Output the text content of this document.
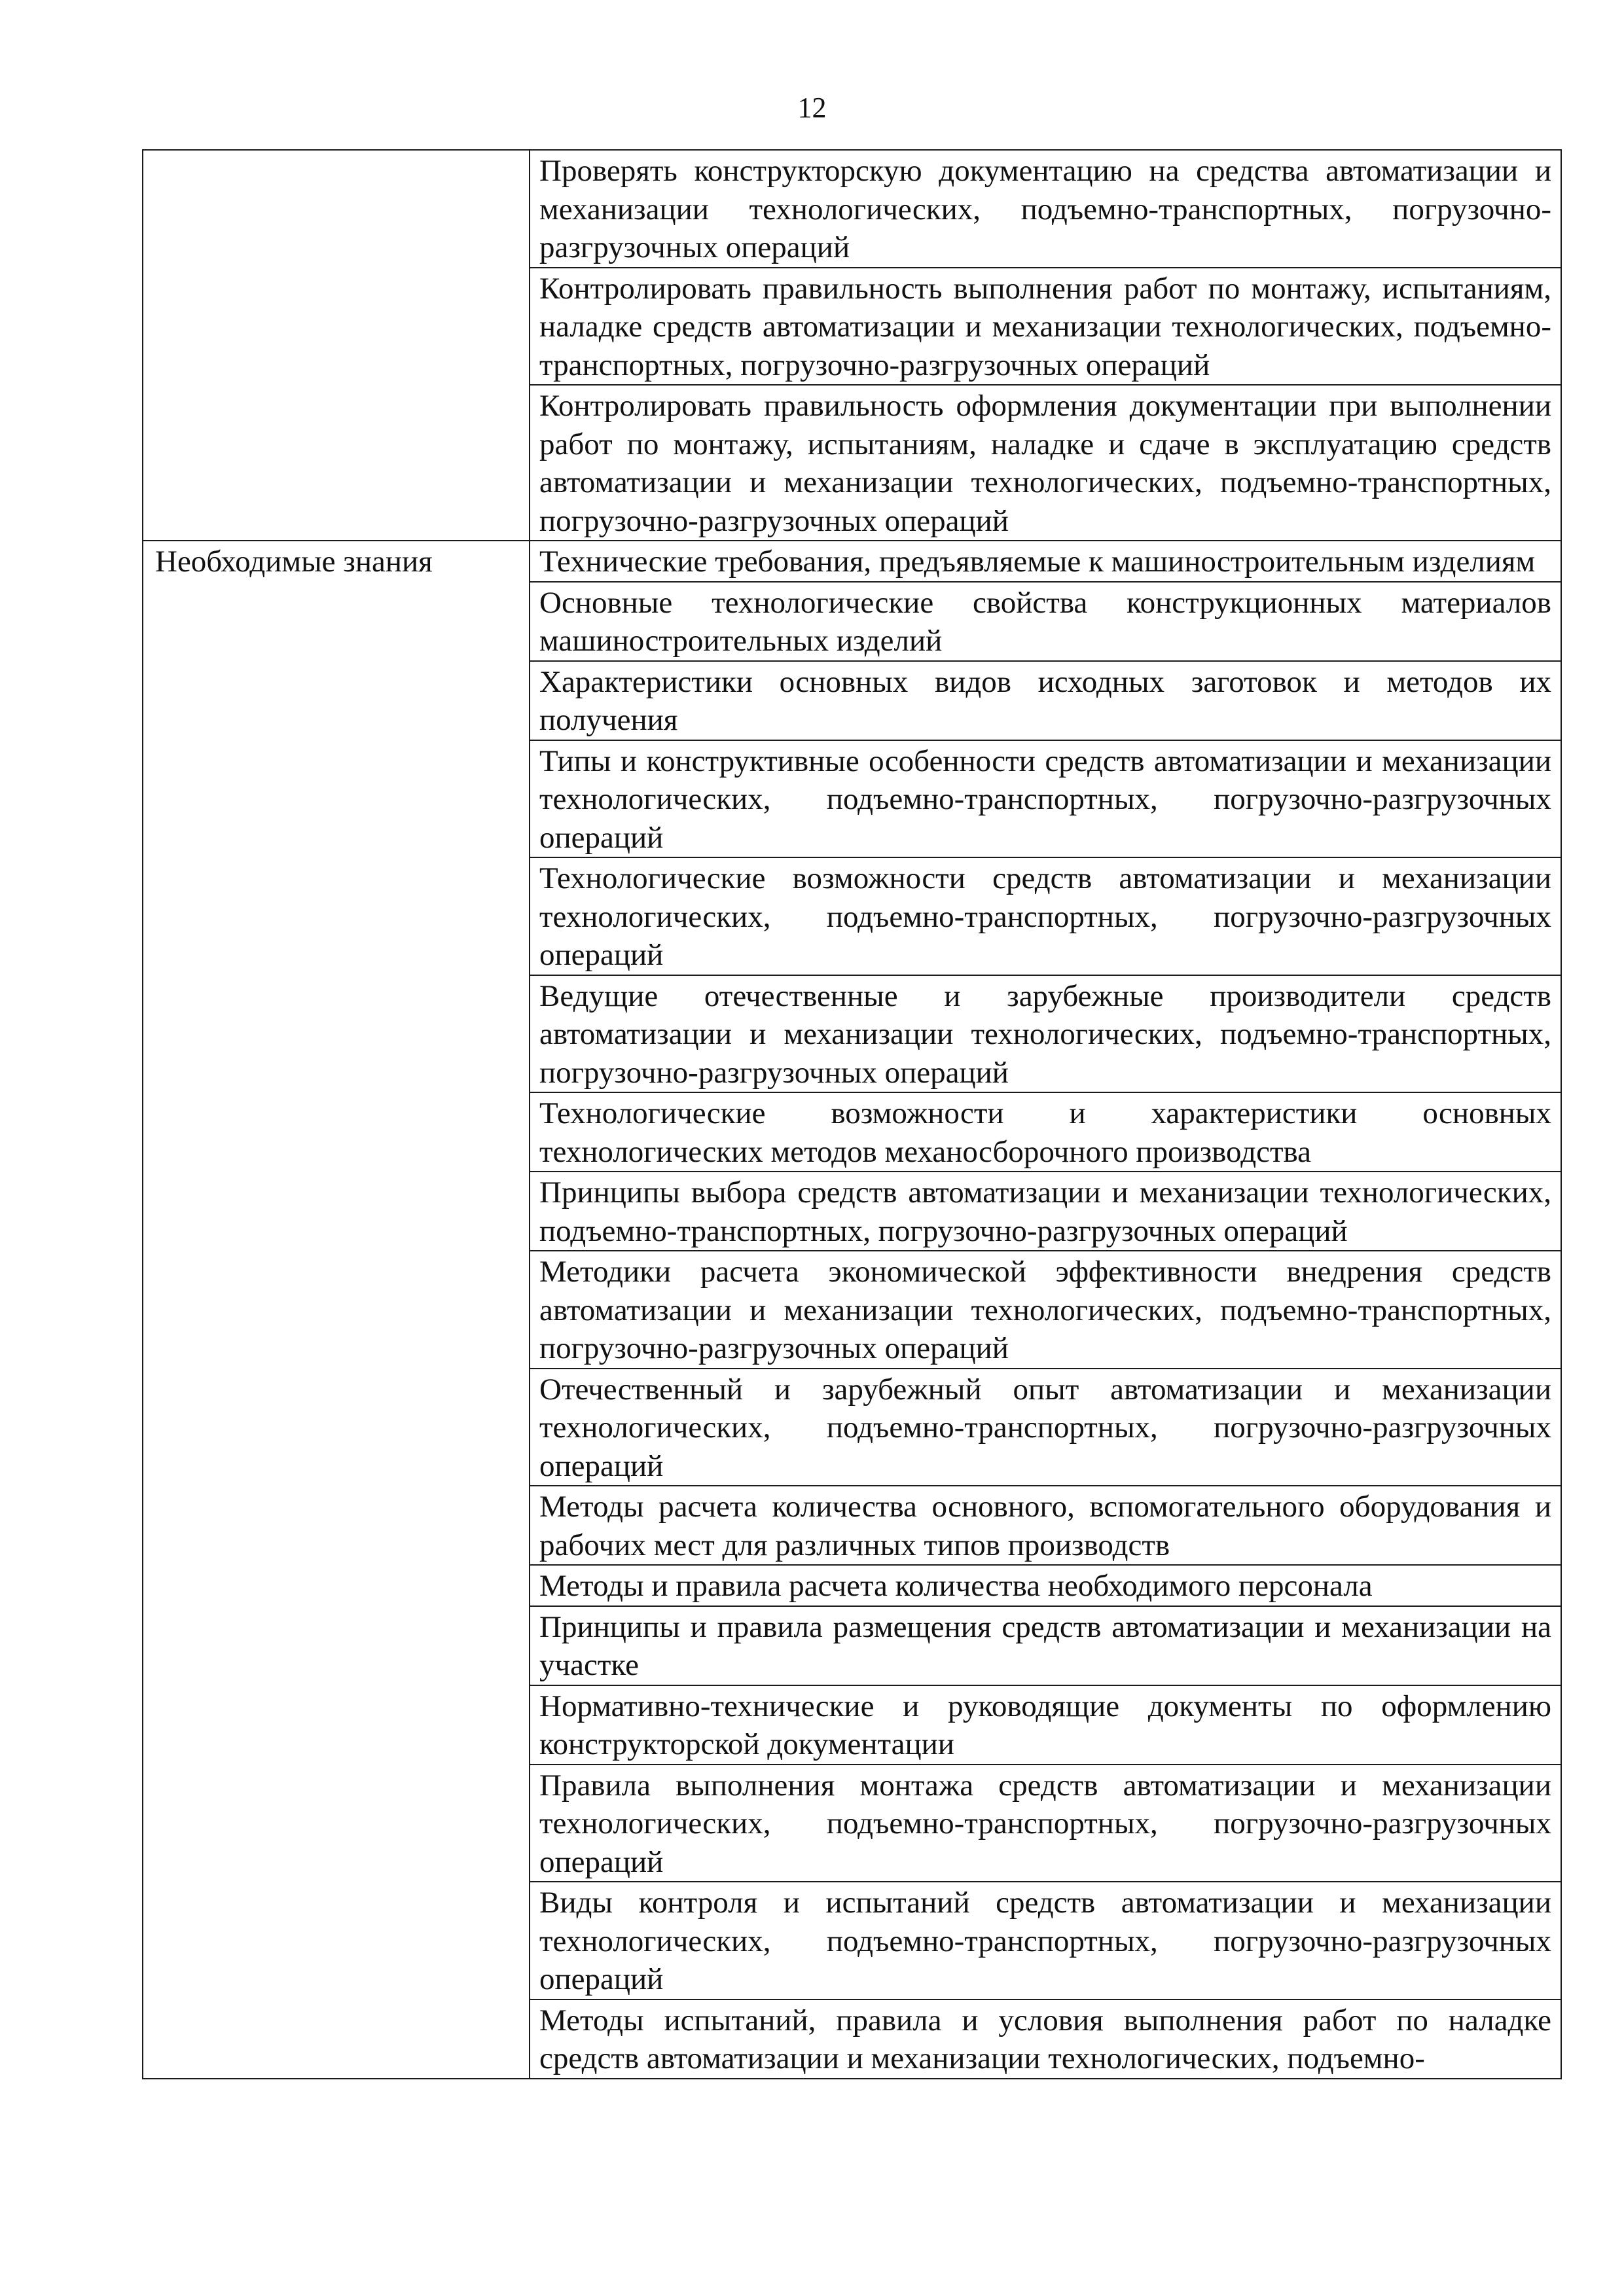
12
	Проверять конструкторскую документацию на средства автоматизации и механизации технологических, подъемно-транспортных, погрузочно-разгрузочных операций
	Контролировать правильность выполнения работ по монтажу, испытаниям, наладке средств автоматизации и механизации технологических, подъемно-транспортных, погрузочно-разгрузочных операций
	Контролировать правильность оформления документации при выполнении работ по монтажу, испытаниям, наладке и сдаче в эксплуатацию средств автоматизации и механизации технологических, подъемно-транспортных, погрузочно-разгрузочных операций
Необходимые знания	Технические требования, предъявляемые к машиностроительным изделиям
	Основные технологические свойства конструкционных материалов машиностроительных изделий
	Характеристики основных видов исходных заготовок и методов их получения
	Типы и конструктивные особенности средств автоматизации и механизации технологических, подъемно-транспортных, погрузочно-разгрузочных операций
	Технологические возможности средств автоматизации и механизации технологических, подъемно-транспортных, погрузочно-разгрузочных операций
	Ведущие отечественные и зарубежные производители средств автоматизации и механизации технологических, подъемно-транспортных, погрузочно-разгрузочных операций
	Технологические возможности и характеристики основных технологических методов механосборочного производства
	Принципы выбора средств автоматизации и механизации технологических, подъемно-транспортных, погрузочно-разгрузочных операций
	Методики расчета экономической эффективности внедрения средств автоматизации и механизации технологических, подъемно-транспортных, погрузочно-разгрузочных операций
	Отечественный и зарубежный опыт автоматизации и механизации технологических, подъемно-транспортных, погрузочно-разгрузочных операций
	Методы расчета количества основного, вспомогательного оборудования и рабочих мест для различных типов производств
	Методы и правила расчета количества необходимого персонала
	Принципы и правила размещения средств автоматизации и механизации на участке
	Нормативно-технические и руководящие документы по оформлению конструкторской документации
	Правила выполнения монтажа средств автоматизации и механизации технологических, подъемно-транспортных, погрузочно-разгрузочных операций
	Виды контроля и испытаний средств автоматизации и механизации технологических, подъемно-транспортных, погрузочно-разгрузочных операций
	Методы испытаний, правила и условия выполнения работ по наладке средств автоматизации и механизации технологических, подъемно-
